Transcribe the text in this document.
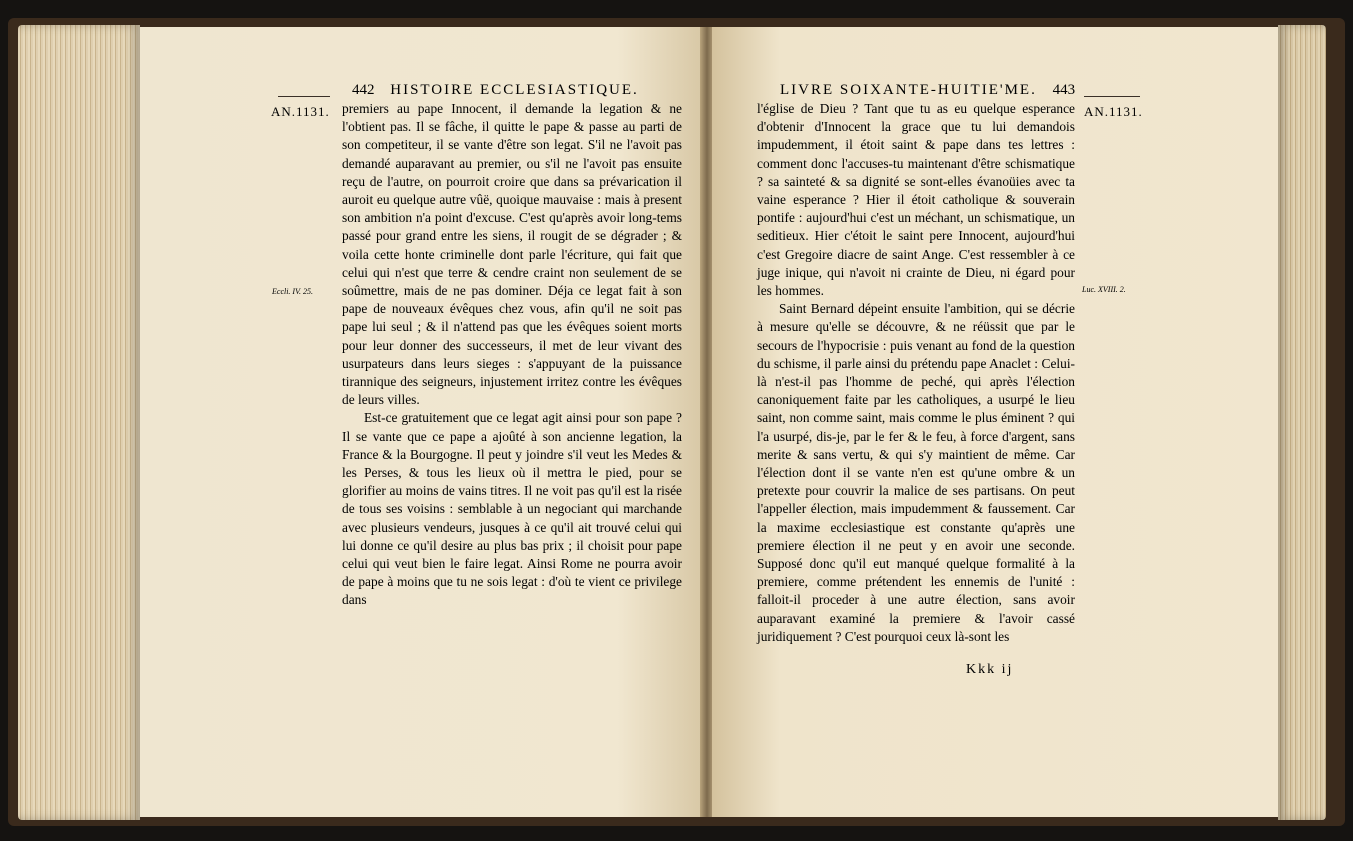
AN.1131.
Eccli. IV. 25.
442 HISTOIRE ECCLESIASTIQUE.

premiers au pape Innocent, il demande la legation & ne l'obtient pas. Il se fâche, il quitte le pape & passe au parti de son competiteur, il se vante d'être son legat. S'il ne l'avoit pas demandé auparavant au premier, ou s'il ne l'avoit pas ensuite reçu de l'autre, on pourroit croire que dans sa prévarication il auroit eu quelque autre vûë, quoique mauvaise : mais à present son ambition n'a point d'excuse. C'est qu'après avoir long-tems passé pour grand entre les siens, il rougit de se dégrader ; & voila cette honte criminelle dont parle l'écriture, qui fait que celui qui n'est que terre & cendre craint non seulement de se soûmettre, mais de ne pas dominer. Déja ce legat fait à son pape de nouveaux évêques chez vous, afin qu'il ne soit pas pape lui seul ; & il n'attend pas que les évêques soient morts pour leur donner des successeurs, il met de leur vivant des usurpateurs dans leurs sieges : s'appuyant de la puissance tirannique des seigneurs, injustement irritez contre les évêques de leurs villes.

Est-ce gratuitement que ce legat agit ainsi pour son pape ? Il se vante que ce pape a ajoûté à son ancienne legation, la France & la Bourgogne. Il peut y joindre s'il veut les Medes & les Perses, & tous les lieux où il mettra le pied, pour se glorifier au moins de vains titres. Il ne voit pas qu'il est la risée de tous ses voisins : semblable à un negociant qui marchande avec plusieurs vendeurs, jusques à ce qu'il ait trouvé celui qui lui donne ce qu'il desire au plus bas prix ; il choisit pour pape celui qui veut bien le faire legat. Ainsi Rome ne pourra avoir de pape à moins que tu ne sois legat : d'où te vient ce privilege dans

LIVRE SOIXANTE-HUITIE'ME. 443
AN.1131.
Luc. XVIII. 2.

l'église de Dieu ? Tant que tu as eu quelque esperance d'obtenir d'Innocent la grace que tu lui demandois impudemment, il étoit saint & pape dans tes lettres : comment donc l'accuses-tu maintenant d'être schismatique ? sa sainteté & sa dignité se sont-elles évanoüies avec ta vaine esperance ? Hier il étoit catholique & souverain pontife : aujourd'hui c'est un méchant, un schismatique, un seditieux. Hier c'étoit le saint pere Innocent, aujourd'hui c'est Gregoire diacre de saint Ange. C'est ressembler à ce juge inique, qui n'avoit ni crainte de Dieu, ni égard pour les hommes.

Saint Bernard dépeint ensuite l'ambition, qui se décrie à mesure qu'elle se découvre, & ne réüssit que par le secours de l'hypocrisie : puis venant au fond de la question du schisme, il parle ainsi du prétendu pape Anaclet : Celui-là n'est-il pas l'homme de peché, qui après l'élection canoniquement faite par les catholiques, a usurpé le lieu saint, non comme saint, mais comme le plus éminent ? qui l'a usurpé, dis-je, par le fer & le feu, à force d'argent, sans merite & sans vertu, & qui s'y maintient de même. Car l'élection dont il se vante n'en est qu'une ombre & un pretexte pour couvrir la malice de ses partisans. On peut l'appeller élection, mais impudemment & faussement. Car la maxime ecclesiastique est constante qu'après une premiere élection il ne peut y en avoir une seconde. Supposé donc qu'il eut manqué quelque formalité à la premiere, comme prétendent les ennemis de l'unité : falloit-il proceder à une autre élection, sans avoir auparavant examiné la premiere & l'avoir cassé juridiquement ? C'est pourquoi ceux là-sont les

Kkk ij
